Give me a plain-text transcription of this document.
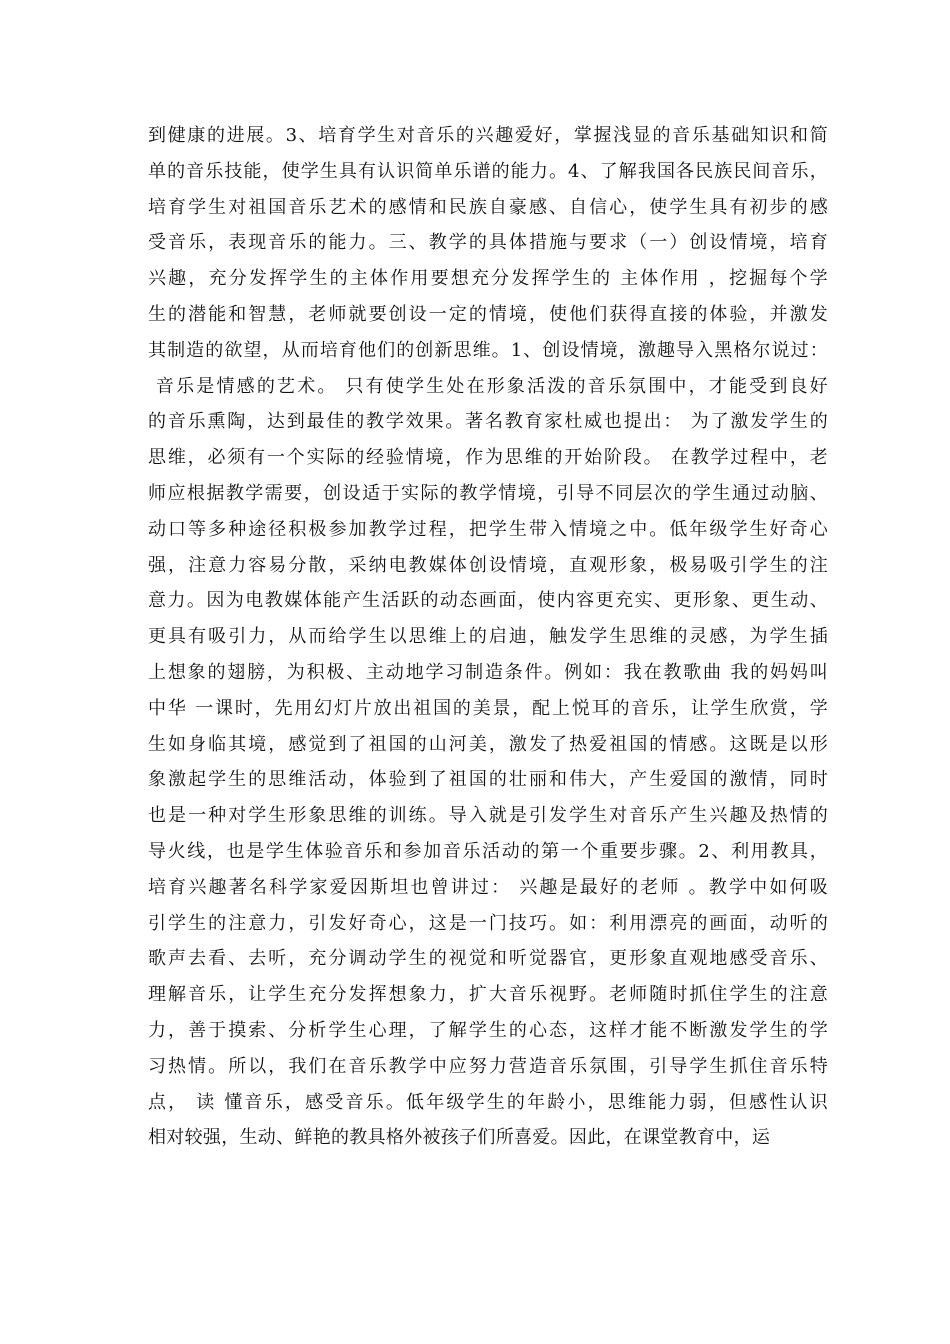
到健康的进展。3、培育学生对音乐的兴趣爱好，掌握浅显的音乐基础知识和简
单的音乐技能，使学生具有认识简单乐谱的能力。4、了解我国各民族民间音乐，
培育学生对祖国音乐艺术的感情和民族自豪感、自信心，使学生具有初步的感
受音乐，表现音乐的能力。三、教学的具体措施与要求（一）创设情境，培育
兴趣，充分发挥学生的主体作用要想充分发挥学生的 主体作用 ，挖掘每个学
生的潜能和智慧，老师就要创设一定的情境，使他们获得直接的体验，并激发
其制造的欲望，从而培育他们的创新思维。1、创设情境，激趣导入黑格尔说过：
音乐是情感的艺术。 只有使学生处在形象活泼的音乐氛围中，才能受到良好
的音乐熏陶，达到最佳的教学效果。著名教育家杜威也提出： 为了激发学生的
思维，必须有一个实际的经验情境，作为思维的开始阶段。 在教学过程中，老
师应根据教学需要，创设适于实际的教学情境，引导不同层次的学生通过动脑、
动口等多种途径积极参加教学过程，把学生带入情境之中。低年级学生好奇心
强，注意力容易分散，采纳电教媒体创设情境，直观形象，极易吸引学生的注
意力。因为电教媒体能产生活跃的动态画面，使内容更充实、更形象、更生动、
更具有吸引力，从而给学生以思维上的启迪，触发学生思维的灵感，为学生插
上想象的翅膀，为积极、主动地学习制造条件。例如：我在教歌曲 我的妈妈叫
中华 一课时，先用幻灯片放出祖国的美景，配上悦耳的音乐，让学生欣赏，学
生如身临其境，感觉到了祖国的山河美，激发了热爱祖国的情感。这既是以形
象激起学生的思维活动，体验到了祖国的壮丽和伟大，产生爱国的激情，同时
也是一种对学生形象思维的训练。导入就是引发学生对音乐产生兴趣及热情的
导火线，也是学生体验音乐和参加音乐活动的第一个重要步骤。2、利用教具，
培育兴趣著名科学家爱因斯坦也曾讲过： 兴趣是最好的老师 。教学中如何吸
引学生的注意力，引发好奇心，这是一门技巧。如：利用漂亮的画面，动听的
歌声去看、去听，充分调动学生的视觉和听觉器官，更形象直观地感受音乐、
理解音乐，让学生充分发挥想象力，扩大音乐视野。老师随时抓住学生的注意
力，善于摸索、分析学生心理，了解学生的心态，这样才能不断激发学生的学
习热情。所以，我们在音乐教学中应努力营造音乐氛围，引导学生抓住音乐特
点， 读 懂音乐，感受音乐。低年级学生的年龄小，思维能力弱，但感性认识
相对较强，生动、鲜艳的教具格外被孩子们所喜爱。因此，在课堂教育中，运
